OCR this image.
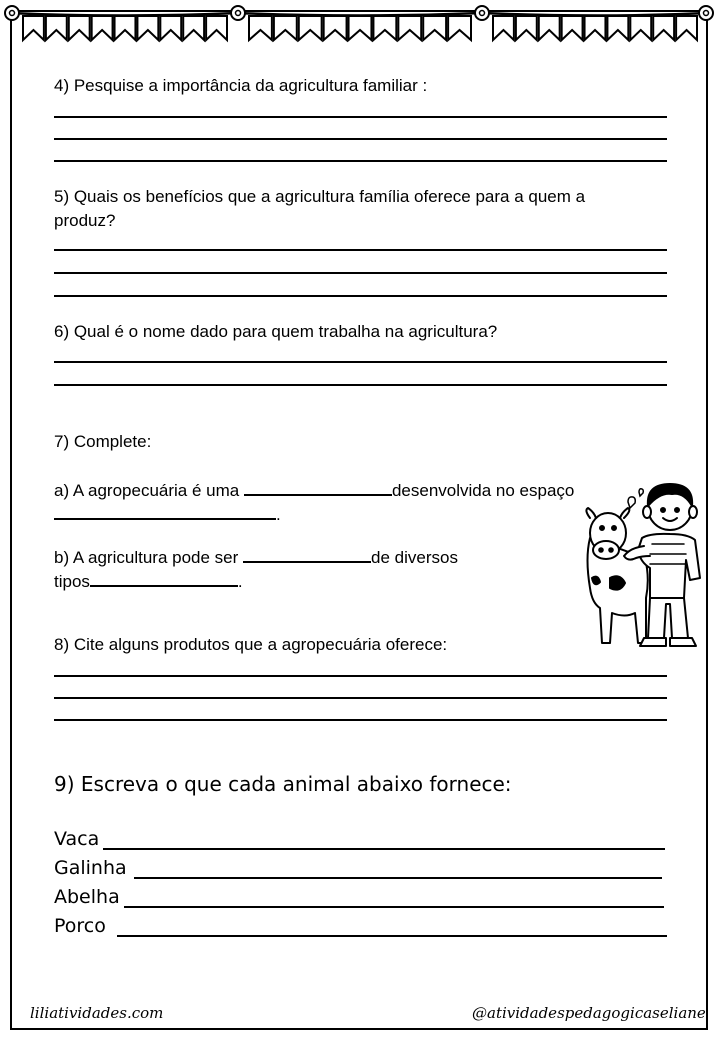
4) Pesquise a importância da agricultura familiar :
5) Quais os benefícios que a agricultura família oferece para a quem a
produz?
6) Qual é o nome dado para quem trabalha na agricultura?
7) Complete:
a) A agropecuária é uma	desenvolvida no espaço
.
b) A agricultura pode ser	de diversos
tipos	.
8) Cite alguns produtos que a agropecuária oferece:
9) Escreva o que cada animal abaixo fornece:
Vaca
Galinha
Abelha
Porco
liliatividades.com	@atividadespedagogicaseliane
